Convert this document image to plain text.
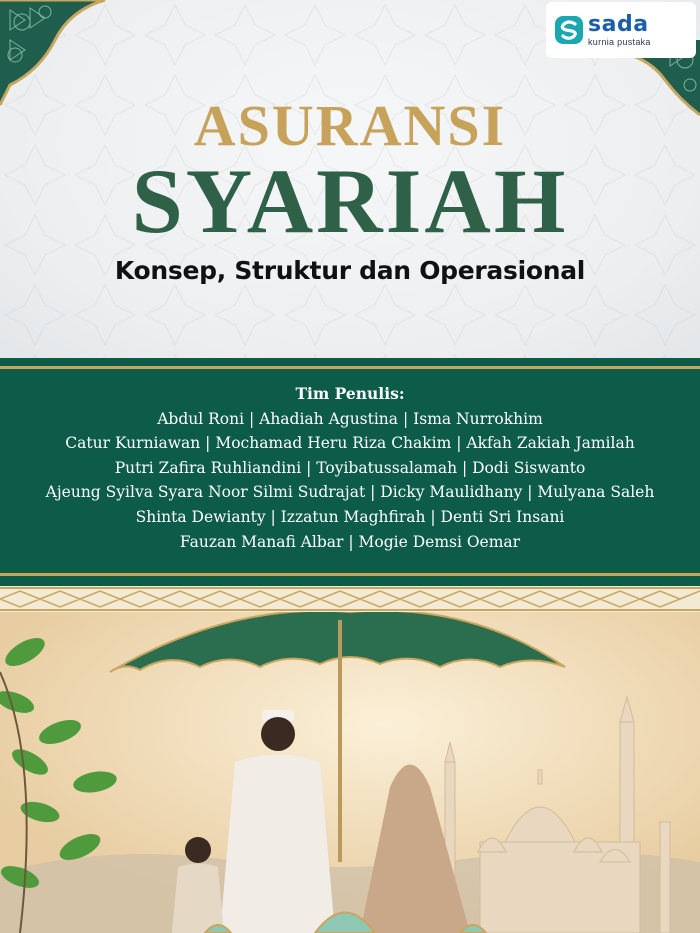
sada
kurnia pustaka
ASURANSI
SYARIAH
Konsep, Struktur dan Operasional
Tim Penulis:
Abdul Roni | Ahadiah Agustina | Isma Nurrokhim
Catur Kurniawan | Mochamad Heru Riza Chakim | Akfah Zakiah Jamilah
Putri Zafira Ruhliandini | Toyibatussalamah | Dodi Siswanto
Ajeung Syilva Syara Noor Silmi Sudrajat | Dicky Maulidhany | Mulyana Saleh
Shinta Dewianty | Izzatun Maghfirah | Denti Sri Insani
Fauzan Manafi Albar | Mogie Demsi Oemar
